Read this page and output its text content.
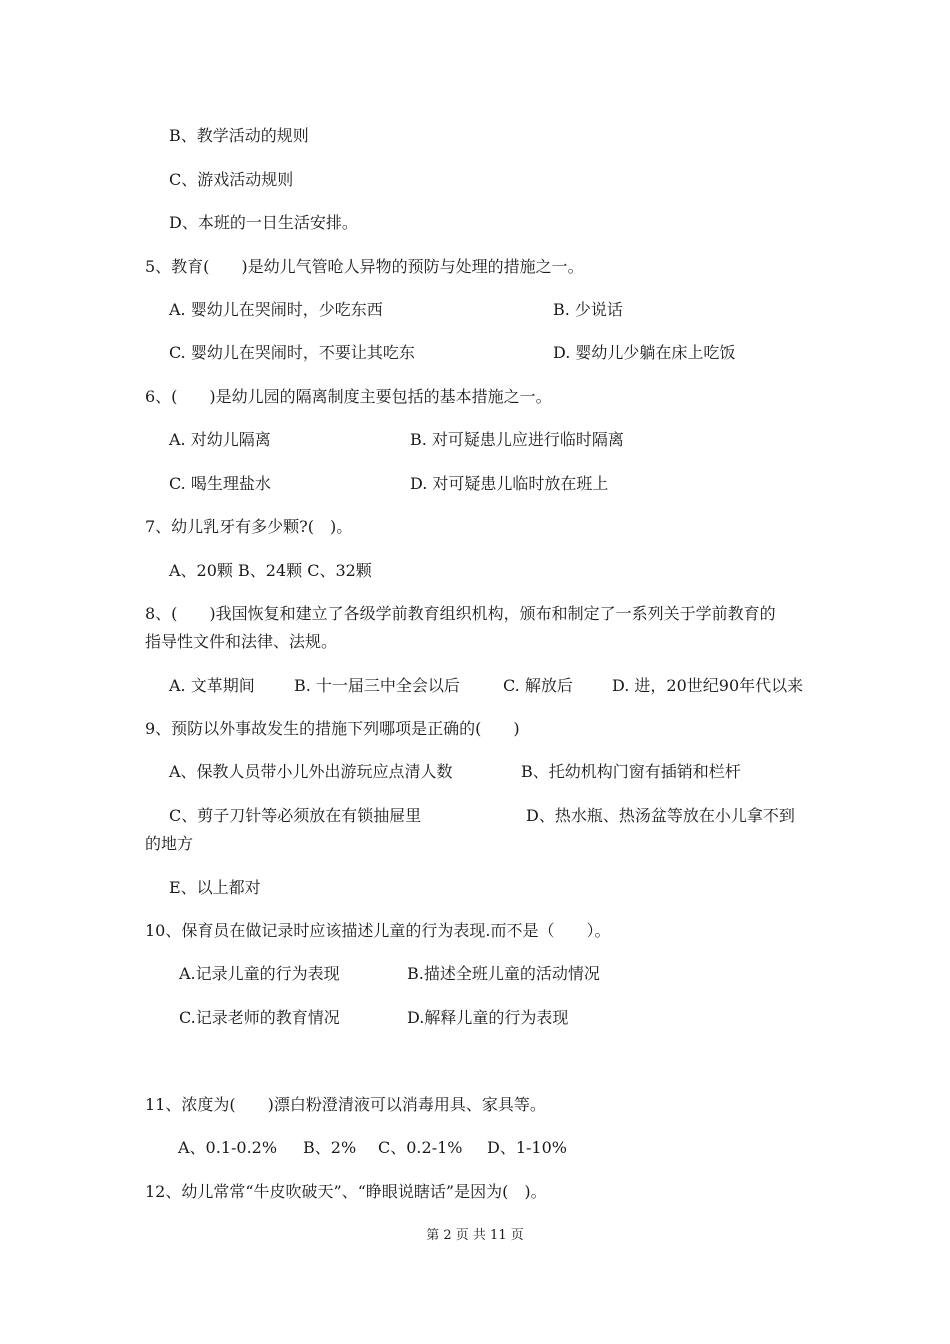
B、教学活动的规则
C、游戏活动规则
D、本班的一日生活安排。
5、教育(　　)是幼儿气管呛人异物的预防与处理的措施之一。
A. 婴幼儿在哭闹时，少吃东西	B. 少说话
C. 婴幼儿在哭闹时，不要让其吃东	D. 婴幼儿少躺在床上吃饭
6、(　　)是幼儿园的隔离制度主要包括的基本措施之一。
A. 对幼儿隔离	B. 对可疑患儿应进行临时隔离
C. 喝生理盐水	D. 对可疑患儿临时放在班上
7、幼儿乳牙有多少颗?(　)。
A、20颗 B、24颗 C、32颗
8、(　　)我国恢复和建立了各级学前教育组织机构，颁布和制定了一系列关于学前教育的
指导性文件和法律、法规。
A. 文革期间 B. 十一届三中全会以后	C. 解放后 D. 进，20世纪90年代以来
9、预防以外事故发生的措施下列哪项是正确的(　　)
A、保教人员带小儿外出游玩应点清人数	B、托幼机构门窗有插销和栏杆
C、剪子刀针等必须放在有锁抽屉里	D、热水瓶、热汤盆等放在小儿拿不到
的地方
E、以上都对
10、保育员在做记录时应该描述儿童的行为表现.而不是（　　）。
A.记录儿童的行为表现	B.描述全班儿童的活动情况
C.记录老师的教育情况	D.解释儿童的行为表现
11、浓度为(　　)漂白粉澄清液可以消毒用具、家具等。
A、0.1-0.2% B、2% C、0.2-1% D、1-10%
12、幼儿常常“牛皮吹破天”、“睁眼说瞎话”是因为(　)。
第 2 页 共 11 页
